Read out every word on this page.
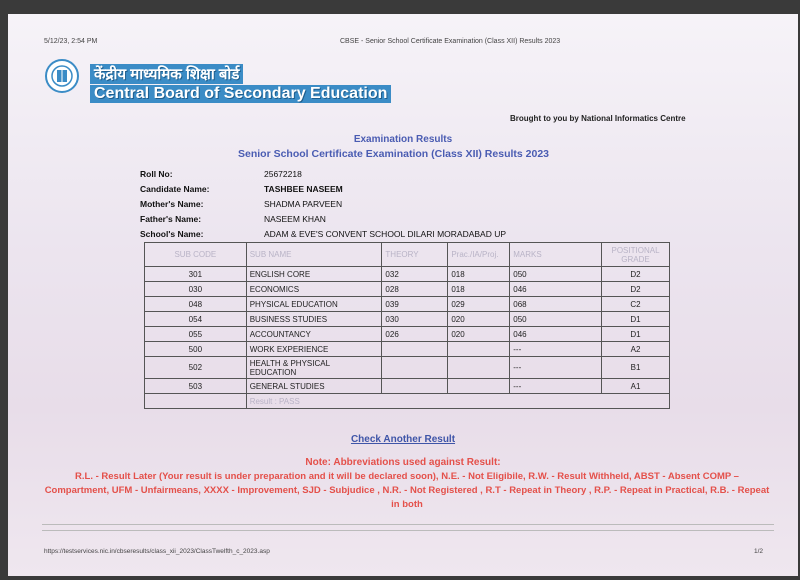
5/12/23, 2:54 PM	CBSE - Senior School Certificate Examination (Class XII) Results 2023
केंद्रीय माध्यमिक शिक्षा बोर्ड
Central Board of Secondary Education
Brought to you by National Informatics Centre
Examination Results
Senior School Certificate Examination (Class XII) Results 2023
Roll No:	25672218
Candidate Name:	TASHBEE NASEEM
Mother's Name:	SHADMA PARVEEN
Father's Name:	NASEEM KHAN
School's Name:	ADAM & EVE'S CONVENT SCHOOL DILARI MORADABAD UP
SUB CODE	SUB NAME	THEORY	Prac./IA/Proj.	MARKS	POSITIONAL GRADE
301	ENGLISH CORE	032	018	050	D2
030	ECONOMICS	028	018	046	D2
048	PHYSICAL EDUCATION	039	029	068	C2
054	BUSINESS STUDIES	030	020	050	D1
055	ACCOUNTANCY	026	020	046	D1
500	WORK EXPERIENCE			---	A2
502	HEALTH & PHYSICAL EDUCATION			---	B1
503	GENERAL STUDIES			---	A1
	Result : PASS				
Check Another Result
Note: Abbreviations used against Result:
R.L. - Result Later (Your result is under preparation and it will be declared soon), N.E. - Not Eligibile, R.W. - Result Withheld, ABST - Absent COMP – Compartment, UFM - Unfairmeans, XXXX - Improvement, SJD - Subjudice , N.R. - Not Registered , R.T - Repeat in Theory , R.P. - Repeat in Practical, R.B. - Repeat in both
https://testservices.nic.in/cbseresults/class_xii_2023/ClassTwelfth_c_2023.asp	1/2
